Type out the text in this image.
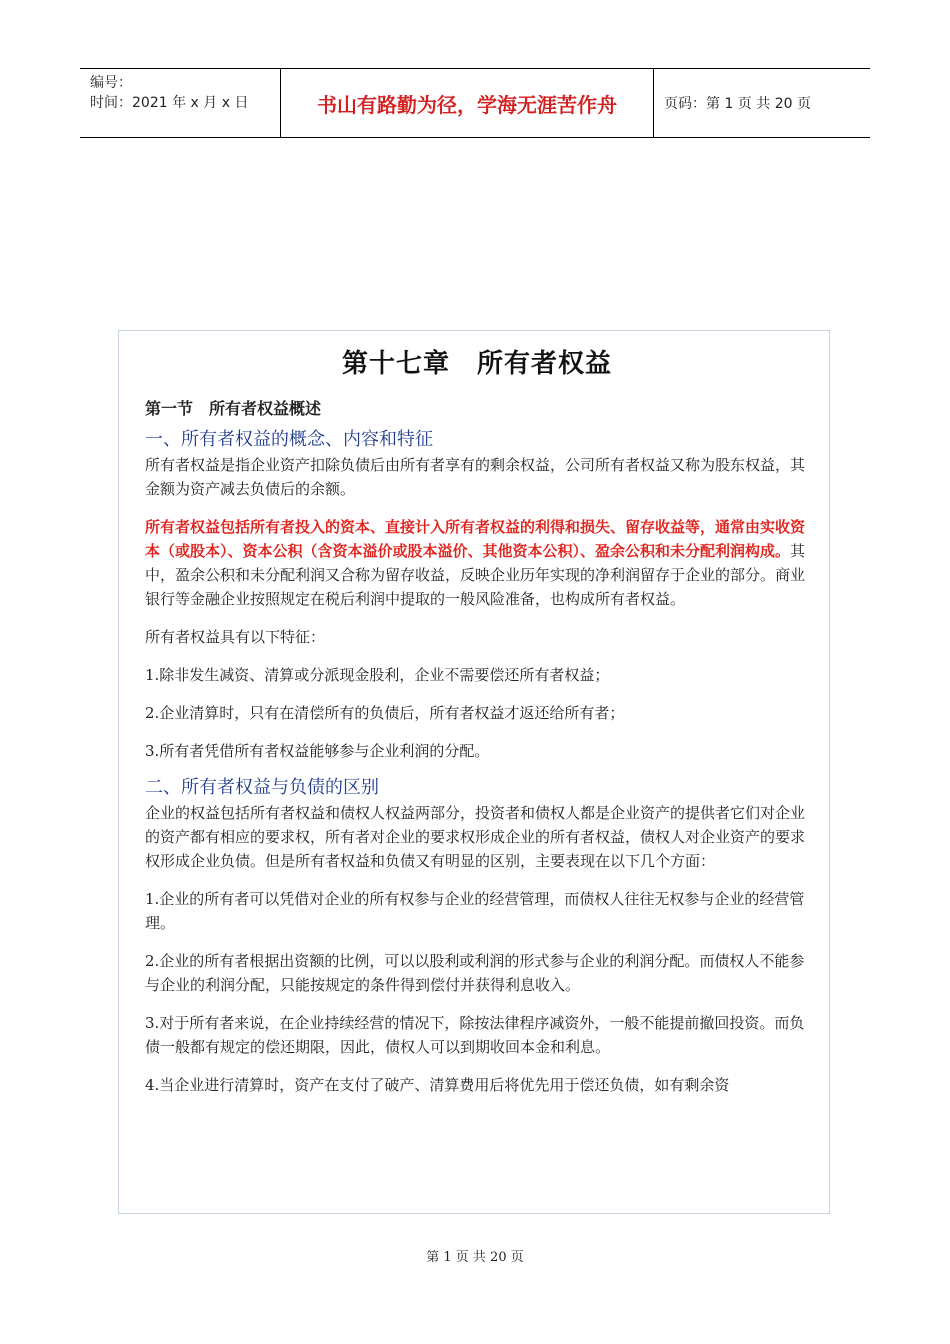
编号：
时间：2021 年 x 月 x 日	书山有路勤为径，学海无涯苦作舟	页码：第 1 页 共 20 页
第十七章　所有者权益
第一节　所有者权益概述
一、所有者权益的概念、内容和特征

所有者权益是指企业资产扣除负债后由所有者享有的剩余权益，公司所有者权益又称为股东权益，其金额为资产减去负债后的余额。

所有者权益包括所有者投入的资本、直接计入所有者权益的利得和损失、留存收益等，通常由实收资本（或股本）、资本公积（含资本溢价或股本溢价、其他资本公积）、盈余公积和未分配利润构成。其中，盈余公积和未分配利润又合称为留存收益，反映企业历年实现的净利润留存于企业的部分。商业银行等金融企业按照规定在税后利润中提取的一般风险准备，也构成所有者权益。

所有者权益具有以下特征：

1.除非发生减资、清算或分派现金股利，企业不需要偿还所有者权益；

2.企业清算时，只有在清偿所有的负债后，所有者权益才返还给所有者；

3.所有者凭借所有者权益能够参与企业利润的分配。

二、所有者权益与负债的区别

企业的权益包括所有者权益和债权人权益两部分，投资者和债权人都是企业资产的提供者它们对企业的资产都有相应的要求权，所有者对企业的要求权形成企业的所有者权益，债权人对企业资产的要求权形成企业负债。但是所有者权益和负债又有明显的区别，主要表现在以下几个方面：

1.企业的所有者可以凭借对企业的所有权参与企业的经营管理，而债权人往往无权参与企业的经营管理。

2.企业的所有者根据出资额的比例，可以以股利或利润的形式参与企业的利润分配。而债权人不能参与企业的利润分配，只能按规定的条件得到偿付并获得利息收入。

3.对于所有者来说，在企业持续经营的情况下，除按法律程序减资外，一般不能提前撤回投资。而负债一般都有规定的偿还期限，因此，债权人可以到期收回本金和利息。

4.当企业进行清算时，资产在支付了破产、清算费用后将优先用于偿还负债，如有剩余资

第 1 页 共 20 页
